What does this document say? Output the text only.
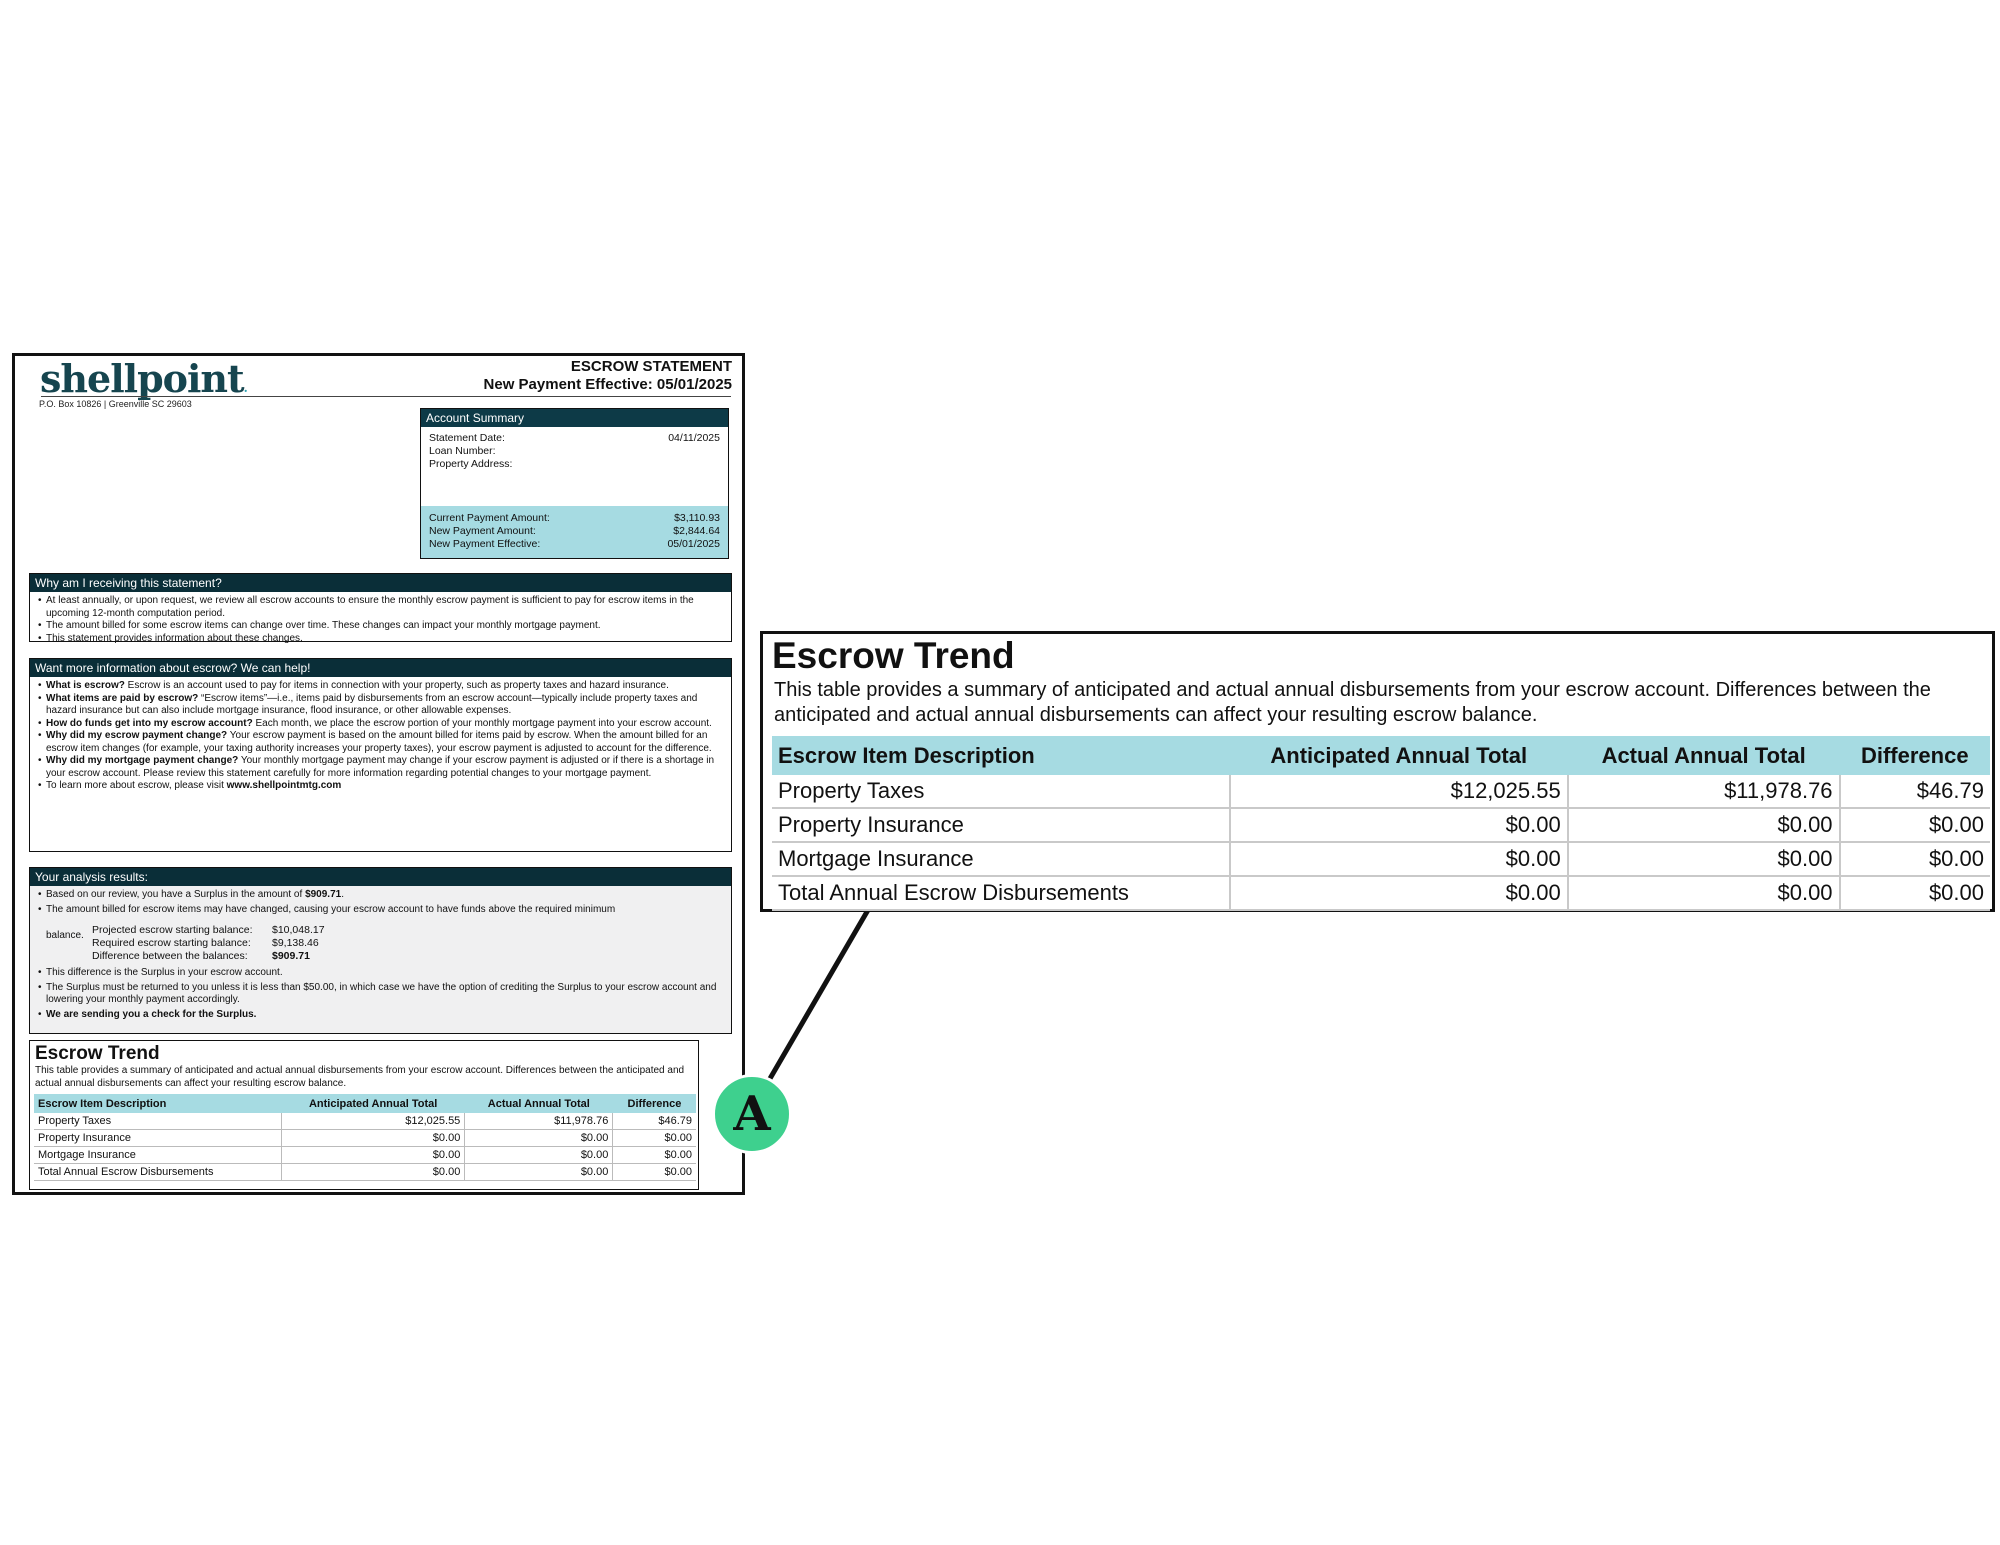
shellpoint.
P.O. Box 10826 | Greenville SC 29603
ESCROW STATEMENT
New Payment Effective: 05/01/2025
Account Summary
Statement Date:	04/11/2025
Loan Number:
Property Address:
Current Payment Amount:	$3,110.93
New Payment Amount:	$2,844.64
New Payment Effective:	05/01/2025
Why am I receiving this statement?
• At least annually, or upon request, we review all escrow accounts to ensure the monthly escrow payment is sufficient to pay for escrow items in the upcoming 12-month computation period.
• The amount billed for some escrow items can change over time. These changes can impact your monthly mortgage payment.
• This statement provides information about these changes.
Want more information about escrow? We can help!
• What is escrow? Escrow is an account used to pay for items in connection with your property, such as property taxes and hazard insurance.
• What items are paid by escrow? “Escrow items”—i.e., items paid by disbursements from an escrow account—typically include property taxes and hazard insurance but can also include mortgage insurance, flood insurance, or other allowable expenses.
• How do funds get into my escrow account? Each month, we place the escrow portion of your monthly mortgage payment into your escrow account.
• Why did my escrow payment change? Your escrow payment is based on the amount billed for items paid by escrow. When the amount billed for an escrow item changes (for example, your taxing authority increases your property taxes), your escrow payment is adjusted to account for the difference.
• Why did my mortgage payment change? Your monthly mortgage payment may change if your escrow payment is adjusted or if there is a shortage in your escrow account. Please review this statement carefully for more information regarding potential changes to your mortgage payment.
• To learn more about escrow, please visit www.shellpointmtg.com
Your analysis results:
• Based on our review, you have a Surplus in the amount of $909.71.
• The amount billed for escrow items may have changed, causing your escrow account to have funds above the required minimum
balance. Projected escrow starting balance:	$10,048.17
Required escrow starting balance:	$9,138.46
Difference between the balances:	$909.71
• This difference is the Surplus in your escrow account.
• The Surplus must be returned to you unless it is less than $50.00, in which case we have the option of crediting the Surplus to your escrow account and lowering your monthly payment accordingly.
• We are sending you a check for the Surplus.
Escrow Trend
This table provides a summary of anticipated and actual annual disbursements from your escrow account. Differences between the anticipated and actual annual disbursements can affect your resulting escrow balance.
Escrow Item Description	Anticipated Annual Total	Actual Annual Total	Difference
Property Taxes	$12,025.55	$11,978.76	$46.79
Property Insurance	$0.00	$0.00	$0.00
Mortgage Insurance	$0.00	$0.00	$0.00
Total Annual Escrow Disbursements	$0.00	$0.00	$0.00
A
Escrow Trend
This table provides a summary of anticipated and actual annual disbursements from your escrow account. Differences between the anticipated and actual annual disbursements can affect your resulting escrow balance.
Escrow Item Description	Anticipated Annual Total	Actual Annual Total	Difference
Property Taxes	$12,025.55	$11,978.76	$46.79
Property Insurance	$0.00	$0.00	$0.00
Mortgage Insurance	$0.00	$0.00	$0.00
Total Annual Escrow Disbursements	$0.00	$0.00	$0.00
